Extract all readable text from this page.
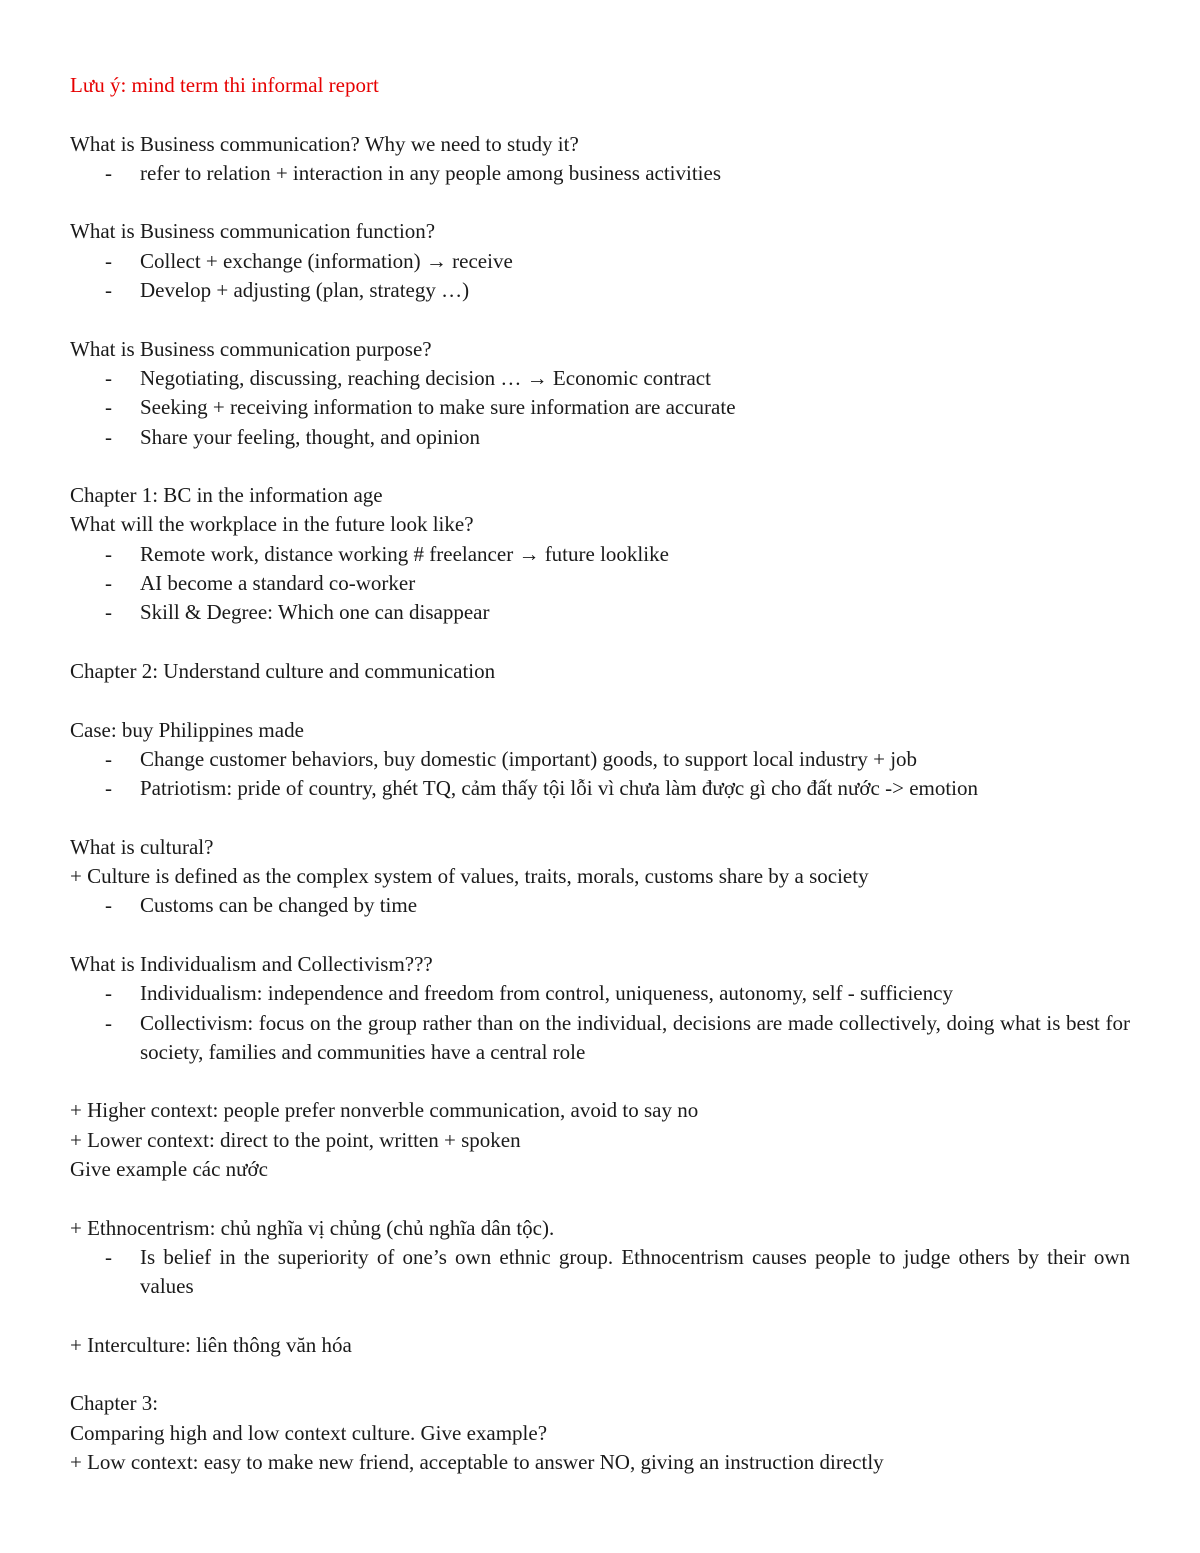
Lưu ý: mind term thi informal report

What is Business communication? Why we need to study it?

- refer to relation + interaction in any people among business activities

What is Business communication function?

- Collect + exchange (information) → receive
- Develop + adjusting (plan, strategy …)

What is Business communication purpose?

- Negotiating, discussing, reaching decision … → Economic contract
- Seeking + receiving information to make sure information are accurate
- Share your feeling, thought, and opinion

Chapter 1: BC in the information age

What will the workplace in the future look like?

- Remote work, distance working # freelancer → future looklike
- AI become a standard co-worker
- Skill & Degree: Which one can disappear

Chapter 2: Understand culture and communication

Case: buy Philippines made

- Change customer behaviors, buy domestic (important) goods, to support local industry + job
- Patriotism: pride of country, ghét TQ, cảm thấy tội lỗi vì chưa làm được gì cho đất nước -> emotion

What is cultural?

+ Culture is defined as the complex system of values, traits, morals, customs share by a society

- Customs can be changed by time

What is Individualism and Collectivism???

- Individualism: independence and freedom from control, uniqueness, autonomy, self - sufficiency
- Collectivism: focus on the group rather than on the individual, decisions are made collectively, doing what is best for society, families and communities have a central role

+ Higher context: people prefer nonverble communication, avoid to say no

+ Lower context: direct to the point, written + spoken

Give example các nước

+ Ethnocentrism: chủ nghĩa vị chủng (chủ nghĩa dân tộc).

- Is belief in the superiority of one’s own ethnic group. Ethnocentrism causes people to judge others by their own values

+ Interculture: liên thông văn hóa

Chapter 3:

Comparing high and low context culture. Give example?

+ Low context: easy to make new friend, acceptable to answer NO, giving an instruction directly
